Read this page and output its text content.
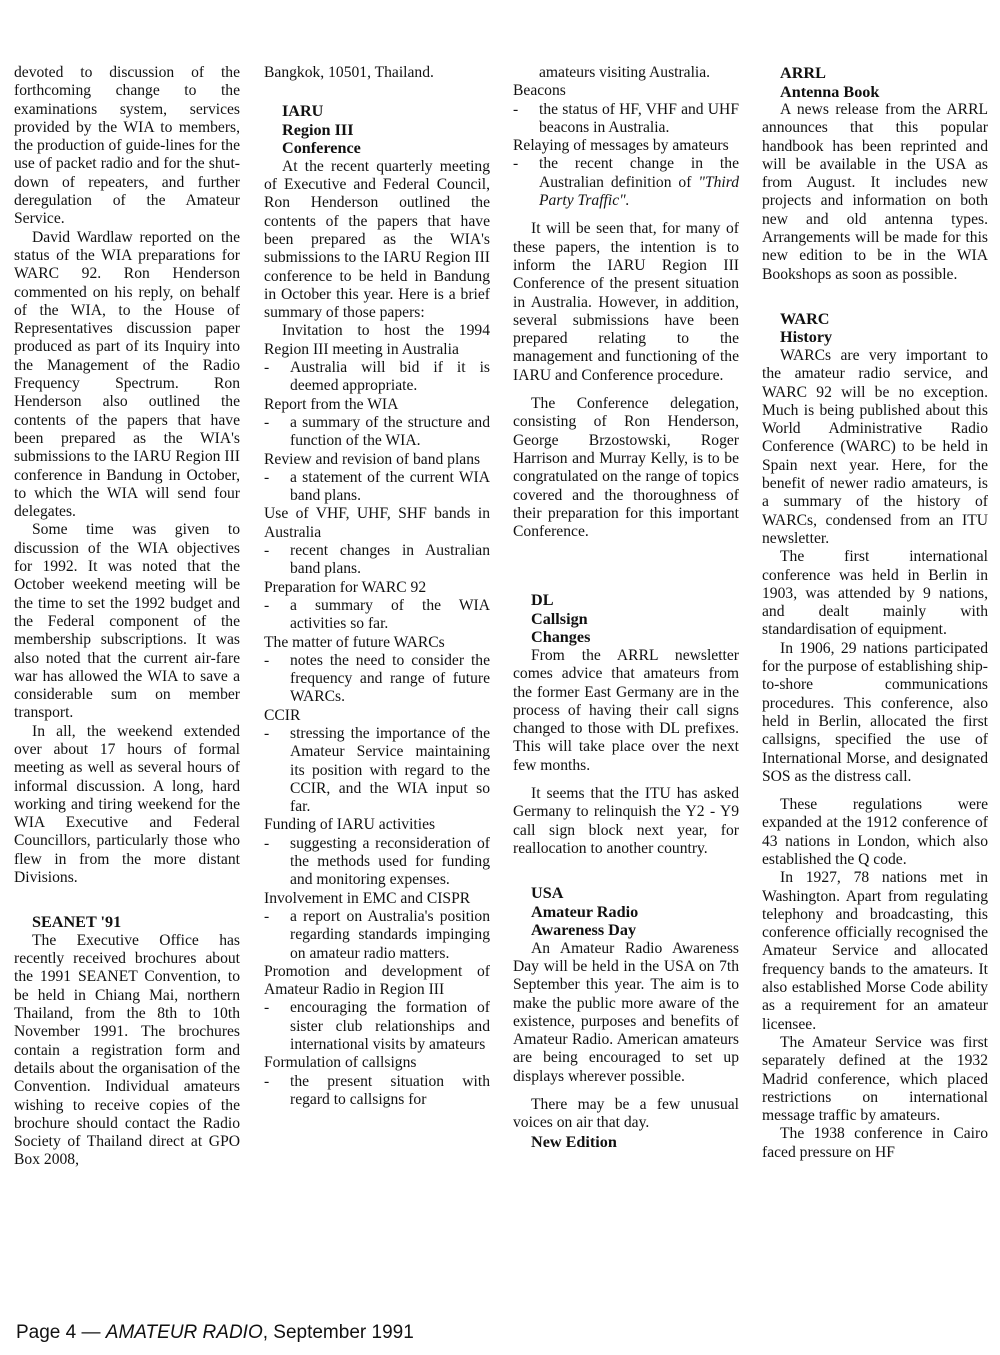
devoted to discussion of the forthcoming change to the examinations system, services provided by the WIA to members, the production of guide-lines for the use of packet radio and for the shut-down of repeaters, and further deregulation of the Amateur Service.

David Wardlaw reported on the status of the WIA preparations for WARC 92. Ron Henderson commented on his reply, on behalf of the WIA, to the House of Representatives discussion paper produced as part of its Inquiry into the Management of the Radio Frequency Spectrum. Ron Henderson also outlined the contents of the papers that have been prepared as the WIA's submissions to the IARU Region III conference in Bandung in October, to which the WIA will send four delegates.

Some time was given to discussion of the WIA objectives for 1992. It was noted that the October weekend meeting will be the time to set the 1992 budget and the Federal component of the membership subscriptions. It was also noted that the current air-fare war has allowed the WIA to save a considerable sum on member transport.

In all, the weekend extended over about 17 hours of formal meeting as well as several hours of informal discussion. A long, hard working and tiring weekend for the WIA Executive and Federal Councillors, particularly those who flew in from the more distant Divisions.

SEANET '91

The Executive Office has recently received brochures about the 1991 SEANET Convention, to be held in Chiang Mai, northern Thailand, from the 8th to 10th November 1991. The brochures contain a registration form and details about the organisation of the Convention. Individual amateurs wishing to receive copies of the brochure should contact the Radio Society of Thailand direct at GPO Box 2008,

Bangkok, 10501, Thailand.

IARU
Region III
Conference

At the recent quarterly meeting of Executive and Federal Council, Ron Henderson outlined the contents of the papers that have been prepared as the WIA's submissions to the IARU Region III conference to be held in Bandung in October this year. Here is a brief summary of those papers:

Invitation to host the 1994 Region III meeting in Australia

-	Australia will bid if it is deemed appropriate.

Report from the WIA

-	a summary of the structure and function of the WIA.

Review and revision of band plans

-	a statement of the current WIA band plans.

Use of VHF, UHF, SHF bands in Australia

-	recent changes in Australian band plans.

Preparation for WARC 92

-	a summary of the WIA activities so far.

The matter of future WARCs

-	notes the need to consider the frequency and range of future WARCs.

CCIR

-	stressing the importance of the Amateur Service maintaining its position with regard to the CCIR, and the WIA input so far.

Funding of IARU activities

-	suggesting a reconsideration of the methods used for funding and monitoring expenses.

Involvement in EMC and CISPR

-	a report on Australia's position regarding standards impinging on amateur radio matters.

Promotion and development of Amateur Radio in Region III

-	encouraging the formation of sister club relationships and international visits by amateurs

Formulation of callsigns

-	the present situation with regard to callsigns for
amateurs visiting Australia.

Beacons

-	the status of HF, VHF and UHF beacons in Australia.

Relaying of messages by amateurs

-	the recent change in the Australian definition of "Third Party Traffic".

It will be seen that, for many of these papers, the intention is to inform the IARU Region III Conference of the present situation in Australia. However, in addition, several submissions have been prepared relating to the management and functioning of the IARU and Conference procedure.

The Conference delegation, consisting of Ron Henderson, George Brzostowski, Roger Harrison and Murray Kelly, is to be congratulated on the range of topics covered and the thoroughness of their preparation for this important Conference.

DL
Callsign
Changes

From the ARRL newsletter comes advice that amateurs from the former East Germany are in the process of having their call signs changed to those with DL prefixes. This will take place over the next few months.

It seems that the ITU has asked Germany to relinquish the Y2 - Y9 call sign block next year, for reallocation to another country.

USA
Amateur Radio
Awareness Day

An Amateur Radio Awareness Day will be held in the USA on 7th September this year. The aim is to make the public more aware of the existence, purposes and benefits of Amateur Radio. American amateurs are being encouraged to set up displays wherever possible.

There may be a few unusual voices on air that day.

New Edition
ARRL
Antenna Book

A news release from the ARRL announces that this popular handbook has been reprinted and will be available in the USA as from August. It includes new projects and information on both new and old antenna types. Arrangements will be made for this new edition to be in the WIA Bookshops as soon as possible.

WARC
History

WARCs are very important to the amateur radio service, and WARC 92 will be no exception. Much is being published about this World Administrative Radio Conference (WARC) to be held in Spain next year. Here, for the benefit of newer radio amateurs, is a summary of the history of WARCs, condensed from an ITU newsletter.

The first international conference was held in Berlin in 1903, was attended by 9 nations, and dealt mainly with standardisation of equipment.

In 1906, 29 nations participated for the purpose of establishing ship-to-shore communications procedures. This conference, also held in Berlin, allocated the first callsigns, specified the use of International Morse, and designated SOS as the distress call.

These regulations were expanded at the 1912 conference of 43 nations in London, which also established the Q code.

In 1927, 78 nations met in Washington. Apart from regulating telephony and broadcasting, this conference officially recognised the Amateur Service and allocated frequency bands to the amateurs. It also established Morse Code ability as a requirement for an amateur licensee.

The Amateur Service was first separately defined at the 1932 Madrid conference, which placed restrictions on international message traffic by amateurs.

The 1938 conference in Cairo faced pressure on HF

Page 4 — AMATEUR RADIO, September 1991
